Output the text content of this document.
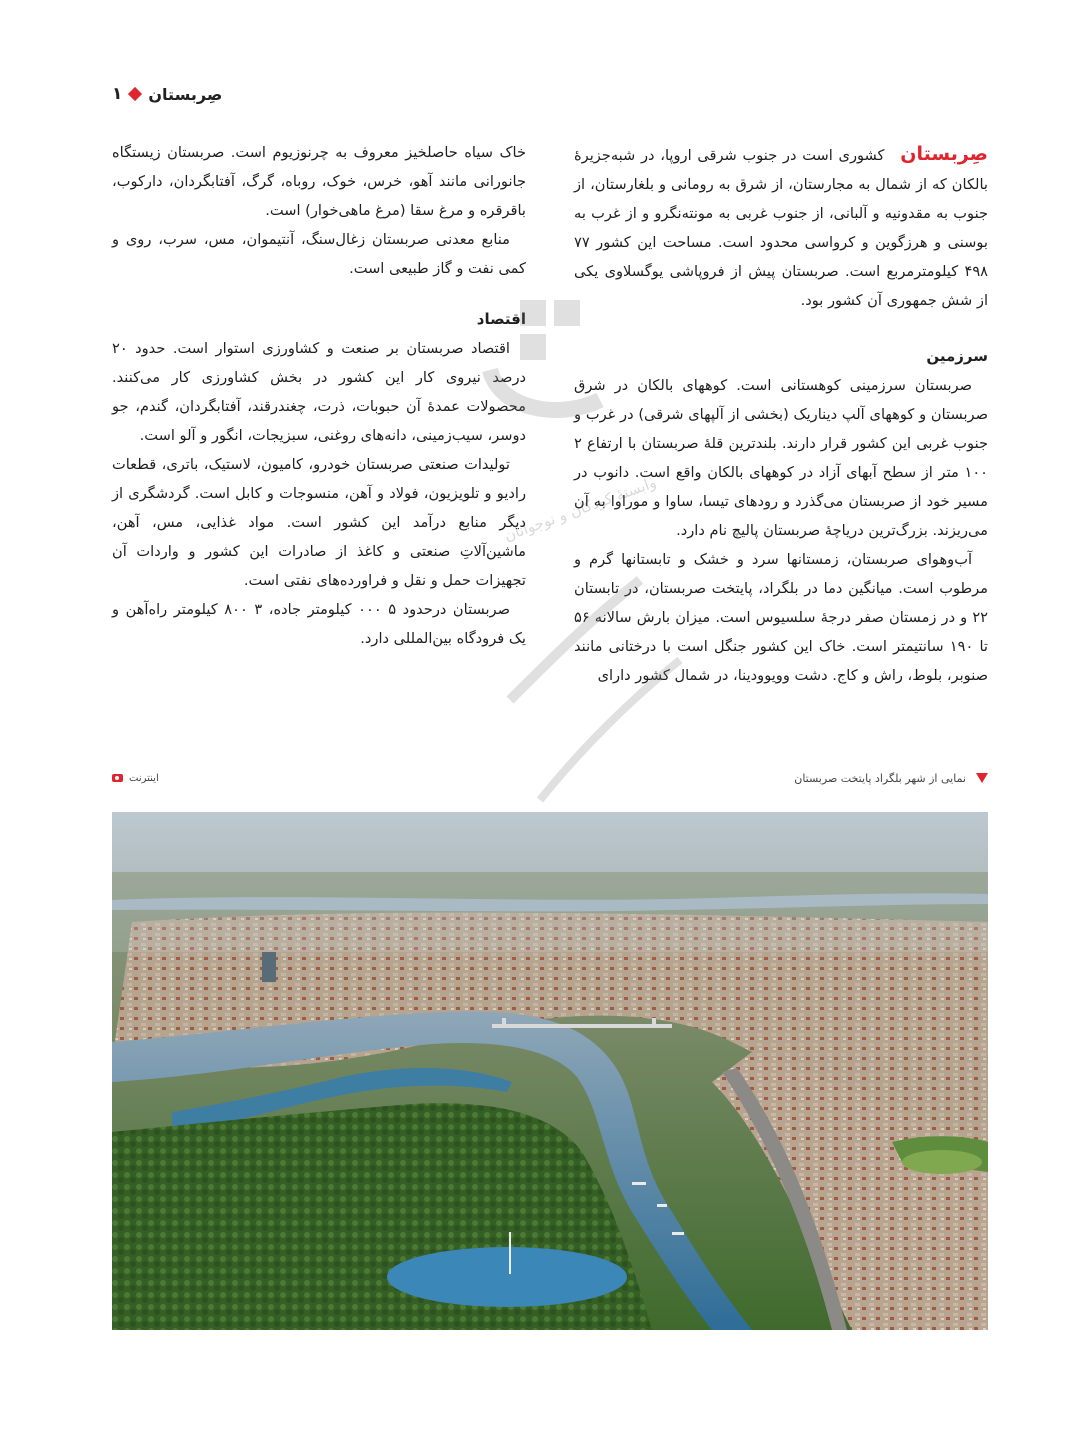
۱ صِربستان

صِربستان کشوری است در جنوب شرقی اروپا، در شبه‌جزیرهٔ بالکان که از شمال به مجارستان، از شرق به رومانی و بلغارستان، از جنوب به مقدونیه و آلبانی، از جنوب غربی به مونته‌نگرو و از غرب به بوسنی و هرزگوین و کرواسی محدود است. مساحت این کشور ۷۷ ۴۹۸ کیلومترمربع است. صربستان پیش از فروپاشی یوگسلاوی یکی از شش جمهوری آن کشور بود.

سرزمین

صربستان سرزمینی کوهستانی است. کوههای بالکان در شرق صربستان و کوههای آلپ دیناریک (بخشی از آلپهای شرقی) در غرب و جنوب غربی این کشور قرار دارند. بلندترین قلهٔ صربستان با ارتفاع ۲ ۱۰۰ متر از سطح آبهای آزاد در کوههای بالکان واقع است. دانوب در مسیر خود از صربستان می‌گذرد و رودهای تیسا، ساوا و موراوا به آن می‌ریزند. بزرگ‌ترین دریاچهٔ صربستان پالیچ نام دارد.

آب‌وهوای صربستان، زمستانها سرد و خشک و تابستانها گرم و مرطوب است. میانگین دما در بلگراد، پایتخت صربستان، در تابستان ۲۲ و در زمستان صفر درجهٔ سلسیوس است. میزان بارش سالانه ۵۶ تا ۱۹۰ سانتیمتر است. خاک این کشور جنگل است با درختانی مانند صنوبر، بلوط، راش و کاج. دشت وویوودینا، در شمال کشور دارای

خاک سیاه حاصلخیز معروف به چرنوزیوم است. صربستان زیستگاه جانورانی مانند آهو، خرس، خوک، روباه، گرگ، آفتابگردان، دارکوب، باقرقره و مرغ سقا (مرغ ماهی‌خوار) است.

منابع معدنی صربستان زغال‌سنگ، آنتیموان، مس، سرب، روی و کمی نفت و گاز طبیعی است.

اقتصاد

اقتصاد صربستان بر صنعت و کشاورزی استوار است. حدود ۲۰ درصد نیروی کار این کشور در بخش کشاورزی کار می‌کنند. محصولات عمدهٔ آن حبوبات، ذرت، چغندرقند، آفتابگردان، گندم، جو دوسر، سیب‌زمینی، دانه‌های روغنی، سبزیجات، انگور و آلو است.

تولیدات صنعتی صربستان خودرو، کامیون، لاستیک، باتری، قطعات رادیو و تلویزیون، فولاد و آهن، منسوجات و کابل است. گردشگری از دیگر منابع درآمد این کشور است. مواد غذایی، مس، آهن، ماشین‌آلاتِ صنعتی و کاغذ از صادرات این کشور و واردات آن تجهیزات حمل و نقل و فراورده‌های نفتی است.

صربستان درحدود ۵ ۰۰۰ کیلومتر جاده، ۳ ۸۰۰ کیلومتر راه‌آهن و یک فرودگاه بین‌المللی دارد.

نمایی از شهر بلگراد پایتخت صربستان
اینترنت
وابستهٔ کودکان و نوجوانان
